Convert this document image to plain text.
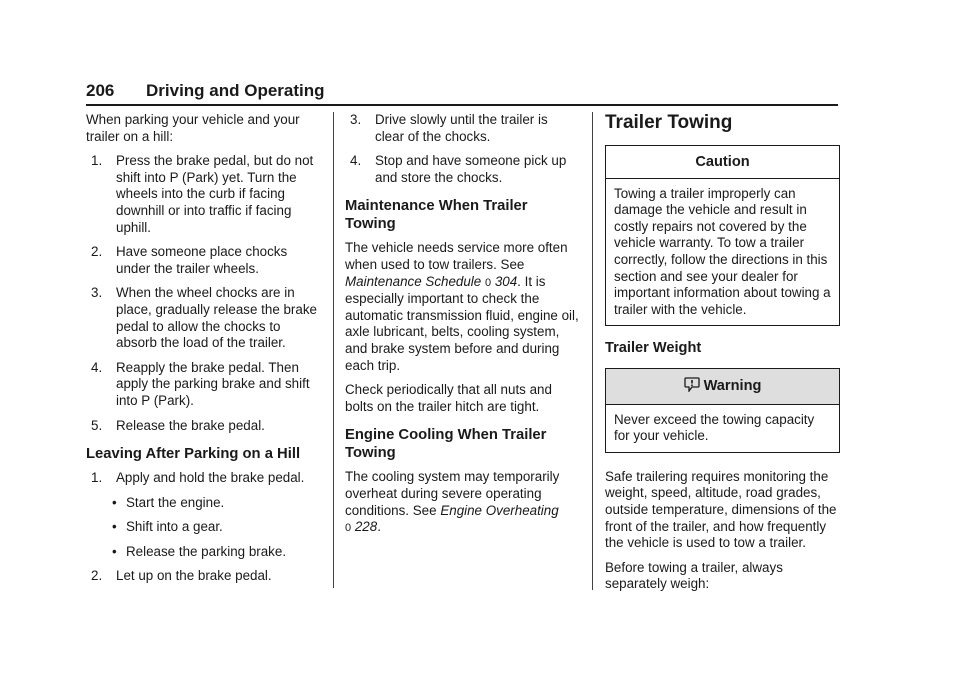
206 Driving and Operating

When parking your vehicle and your trailer on a hill:

1. Press the brake pedal, but do not shift into P (Park) yet. Turn the wheels into the curb if facing downhill or into traffic if facing uphill.
2. Have someone place chocks under the trailer wheels.
3. When the wheel chocks are in place, gradually release the brake pedal to allow the chocks to absorb the load of the trailer.
4. Reapply the brake pedal. Then apply the parking brake and shift into P (Park).
5. Release the brake pedal.
Leaving After Parking on a Hill
1. Apply and hold the brake pedal.
• Start the engine.
• Shift into a gear.
• Release the parking brake.
2. Let up on the brake pedal.
3. Drive slowly until the trailer is clear of the chocks.
4. Stop and have someone pick up and store the chocks.
Maintenance When Trailer Towing

The vehicle needs service more often when used to tow trailers. See
Maintenance Schedule 0 304. It is especially important to check the automatic transmission fluid, engine oil, axle lubricant, belts, cooling system, and brake system before and during each trip.

Check periodically that all nuts and bolts on the trailer hitch are tight.

Engine Cooling When Trailer Towing

The cooling system may temporarily overheat during severe operating conditions. See Engine Overheating
0 228.

Trailer Towing
Caution
Towing a trailer improperly can damage the vehicle and result in costly repairs not covered by the vehicle warranty. To tow a trailer correctly, follow the directions in this section and see your dealer for important information about towing a trailer with the vehicle.
Trailer Weight
Warning
Never exceed the towing capacity for your vehicle.

Safe trailering requires monitoring the weight, speed, altitude, road grades, outside temperature, dimensions of the front of the trailer, and how frequently the vehicle is used to tow a trailer.

Before towing a trailer, always separately weigh:
